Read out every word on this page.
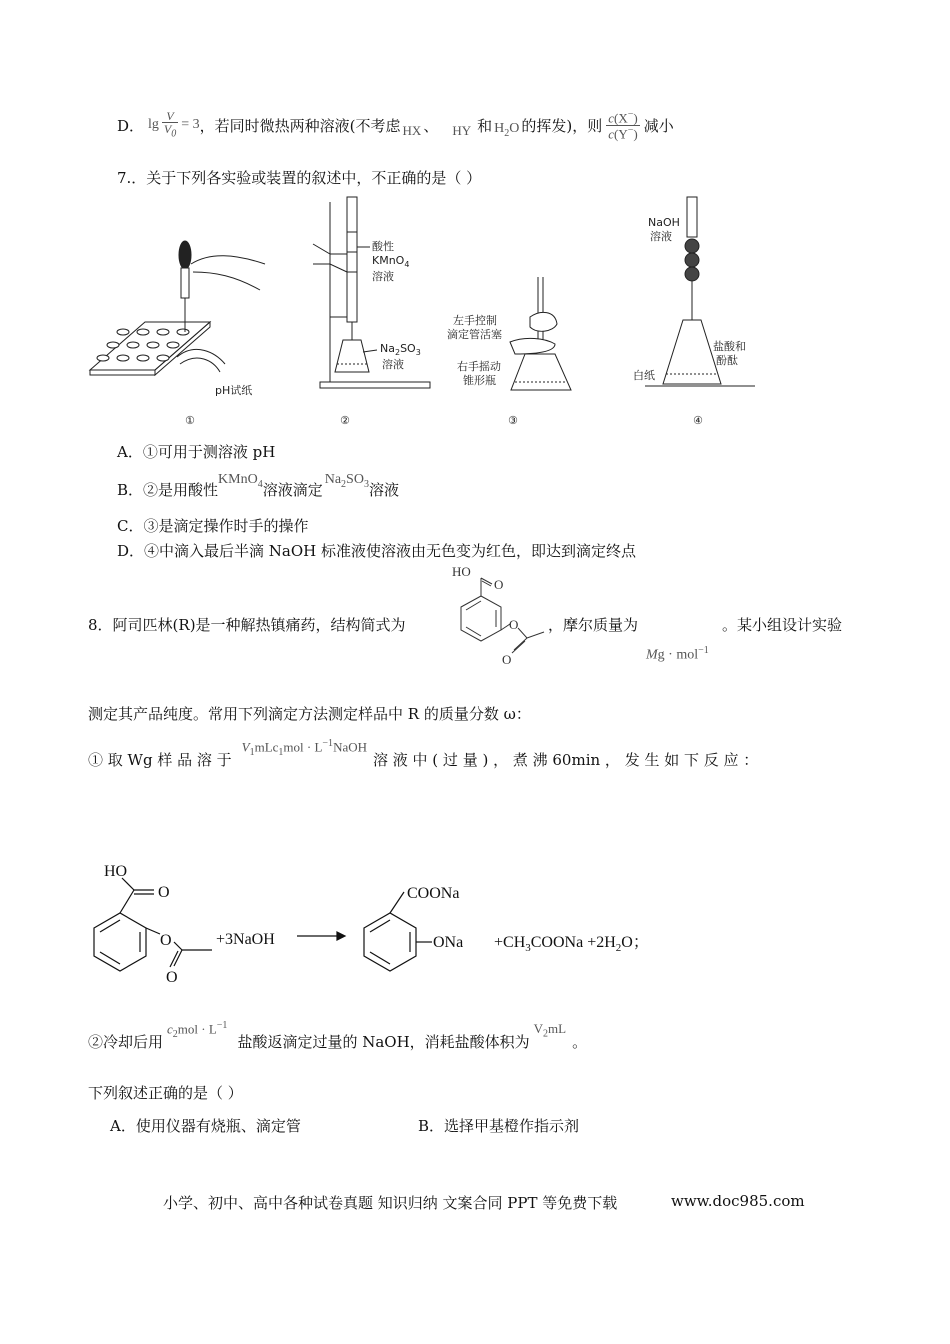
D． $\lg \frac{V}{V_0} = 3$ ，若同时微热两种溶液(不考虑 HX 、 HY 和 $H_2O$ 的挥发)，则 $\frac{c(X^-)}{c(Y^-)}$ 减小
7.．关于下列各实验或装置的叙述中，不正确的是（ ）
pH试纸
①
酸性
KMnO$_4$
溶液
$Na_2SO_3$
溶液
②
左手控制
滴定管活塞
右手摇动
锥形瓶
③
NaOH
溶液
盐酸和
酚酞
白纸
④
A．①可用于测溶液 pH
B．②是用酸性
KMnO$_4$ 溶液滴定
$Na_2SO_3$ 溶液
C．③是滴定操作时手的操作
D．④中滴入最后半滴 NaOH 标准液使溶液由无色变为红色，即达到滴定终点
8．阿司匹林(R)是一种解热镇痛药，结构简式为
HO
O
O
O
，摩尔质量为	。某小组设计实验
Mg · mol$^{-1}$
测定其产品纯度。常用下列滴定方法测定样品中 R 的质量分数 ω：
① 取 Wg 样 品 溶 于
$V_1mLc_1mol$ · $L^{-1}NaOH$
溶 液 中 ( 过 量 ) ， 煮 沸 60min ， 发 生 如 下 反 应 ：
HO
O
O
O
+3NaOH
COONa
ONa $+CH_3COONa +2H_2O$；
②冷却后用
$c_2mol \cdot L^{-1}$
盐酸返滴定过量的 NaOH，消耗盐酸体积为
$V_2mL$
。
下列叙述正确的是（ ）
A．使用仪器有烧瓶、滴定管	B．选择甲基橙作指示剂
小学、初中、高中各种试卷真题 知识归纳 文案合同 PPT 等免费下载	www.doc985.com
